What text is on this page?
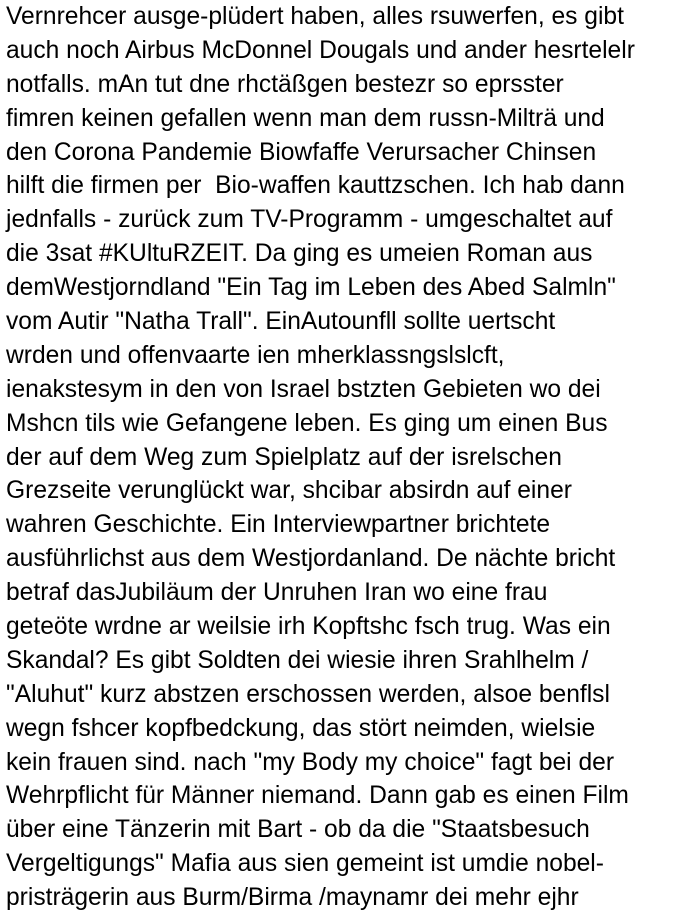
Vernrehcer ausge-plüdert haben, alles rsuwerfen, es gibt

auch noch Airbus McDonnel Dougals und ander hesrtelelr

notfalls. mAn tut dne rhctäßgen bestezr so eprsster

fimren keinen gefallen wenn man dem russn-Milträ und

den Corona Pandemie Biowfaffe Verursacher Chinsen

hilft die firmen per  Bio-waffen kauttzschen. Ich hab dann

jednfalls - zurück zum TV-Programm - umgeschaltet auf

die 3sat #KUltuRZEIT. Da ging es umeien Roman aus

demWestjorndland "Ein Tag im Leben des Abed Salmln"

vom Autir "Natha Trall". EinAutounfll sollte uertscht

wrden und offenvaarte ien mherklassngslslcft,

ienakstesym in den von Israel bstzten Gebieten wo dei

Mshcn tils wie Gefangene leben. Es ging um einen Bus

der auf dem Weg zum Spielplatz auf der isrelschen

Grezseite verunglückt war, shcibar absirdn auf einer

wahren Geschichte. Ein Interviewpartner brichtete

ausführlichst aus dem Westjordanland. De nächte bricht

betraf dasJubiläum der Unruhen Iran wo eine frau

geteöte wrdne ar weilsie irh Kopftshc fsch trug. Was ein

Skandal? Es gibt Soldten dei wiesie ihren Srahlhelm /

"Aluhut" kurz abstzen erschossen werden, alsoe benflsl

wegn fshcer kopfbedckung, das stört neimden, wielsie

kein frauen sind. nach "my Body my choice" fagt bei der

Wehrpflicht für Männer niemand. Dann gab es einen Film

über eine Tänzerin mit Bart - ob da die "Staatsbesuch

Vergeltigungs" Mafia aus sien gemeint ist umdie nobel-

pristrägerin aus Burm/Birma /maynamr dei mehr ejhr
